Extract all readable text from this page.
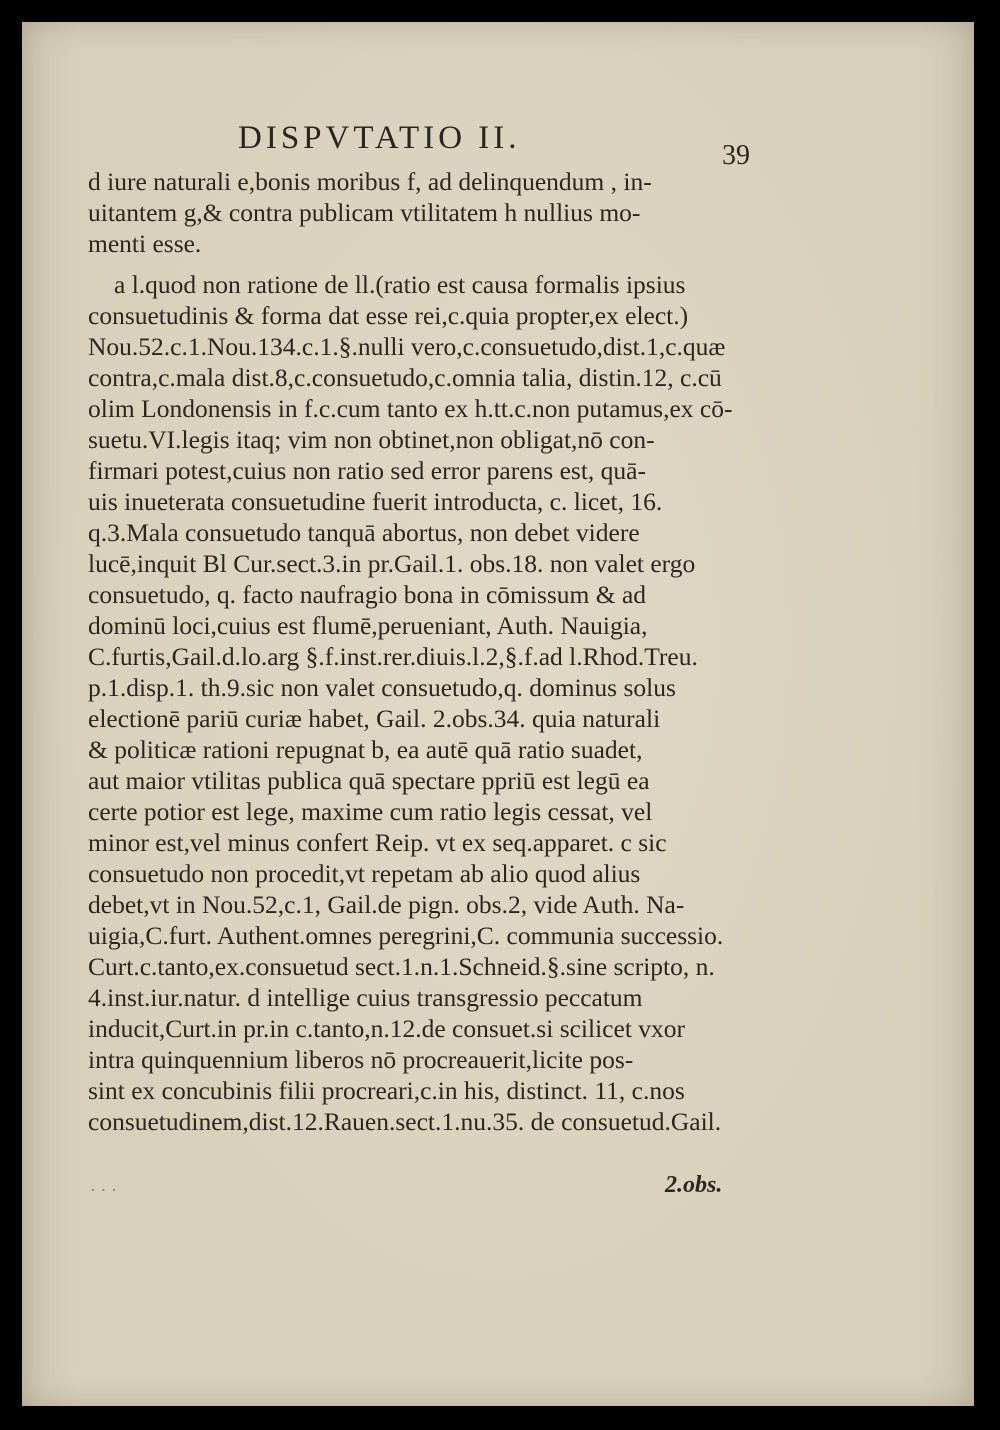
DISPVTATIO II.	39
d iure naturali e,bonis moribus f, ad delinquendum , in-
uitantem g,& contra publicam vtilitatem h nullius mo-
menti esse.
a l.quod non ratione de ll.(ratio est causa formalis ipsius
consuetudinis & forma dat esse rei,c.quia propter,ex elect.)
Nou.52.c.1.Nou.134.c.1.§.nulli vero,c.consuetudo,dist.1,c.quæ
contra,c.mala dist.8,c.consuetudo,c.omnia talia, distin.12, c.cū
olim Londonensis in f.c.cum tanto ex h.tt.c.non putamus,ex cō-
suetu.VI.legis itaq; vim non obtinet,non obligat,nō con-
firmari potest,cuius non ratio sed error parens est, quā-
uis inueterata consuetudine fuerit introducta, c. licet, 16.
q.3.Mala consuetudo tanquā abortus, non debet videre
lucē,inquit Bl Cur.sect.3.in pr.Gail.1. obs.18. non valet ergo
consuetudo, q. facto naufragio bona in cōmissum & ad
dominū loci,cuius est flumē,perueniant, Auth. Nauigia,
C.furtis,Gail.d.lo.arg §.f.inst.rer.diuis.l.2,§.f.ad l.Rhod.Treu.
p.1.disp.1. th.9.sic non valet consuetudo,q. dominus solus
electionē pariū curiæ habet, Gail. 2.obs.34. quia naturali
& politicæ rationi repugnat b, ea autē quā ratio suadet,
aut maior vtilitas publica quā spectare ppriū est legū ea
certe potior est lege, maxime cum ratio legis cessat, vel
minor est,vel minus confert Reip. vt ex seq.apparet. c sic
consuetudo non procedit,vt repetam ab alio quod alius
debet,vt in Nou.52,c.1, Gail.de pign. obs.2, vide Auth. Na-
uigia,C.furt. Authent.omnes peregrini,C. communia successio.
Curt.c.tanto,ex.consuetud sect.1.n.1.Schneid.§.sine scripto, n.
4.inst.iur.natur. d intellige cuius transgressio peccatum
inducit,Curt.in pr.in c.tanto,n.12.de consuet.si scilicet vxor
intra quinquennium liberos nō procreauerit,licite pos-
sint ex concubinis filii procreari,c.in his, distinct. 11, c.nos
consuetudinem,dist.12.Rauen.sect.1.nu.35. de consuetud.Gail.
· · ·	2.obs.
